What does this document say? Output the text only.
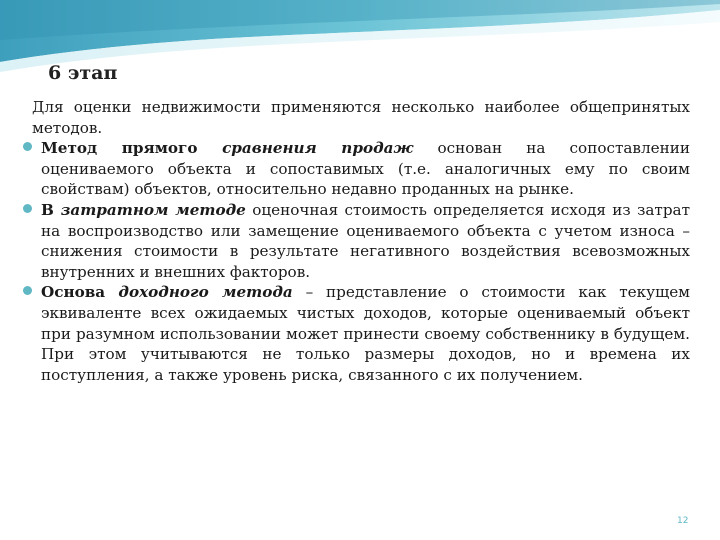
6 этап
Для оценки недвижимости применяются несколько наиболее общепринятых методов.
Метод прямого сравнения продаж основан на сопоставлении оцениваемого объекта и сопоставимых (т.е. аналогичных ему по своим свойствам) объектов, относительно недавно проданных на рынке.
В затратном методе оценочная стоимость определяется исходя из затрат на воспроизводство или замещение оцениваемого объекта с учетом износа – снижения стоимости в результате негативного воздействия всевозможных внутренних и внешних факторов.
Основа доходного метода – представление о стоимости как текущем эквиваленте всех ожидаемых чистых доходов, которые оцениваемый объект при разумном использовании может принести своему собственнику в будущем. При этом учитываются не только размеры доходов, но и времена их поступления, а также уровень риска, связанного с их получением.
12
